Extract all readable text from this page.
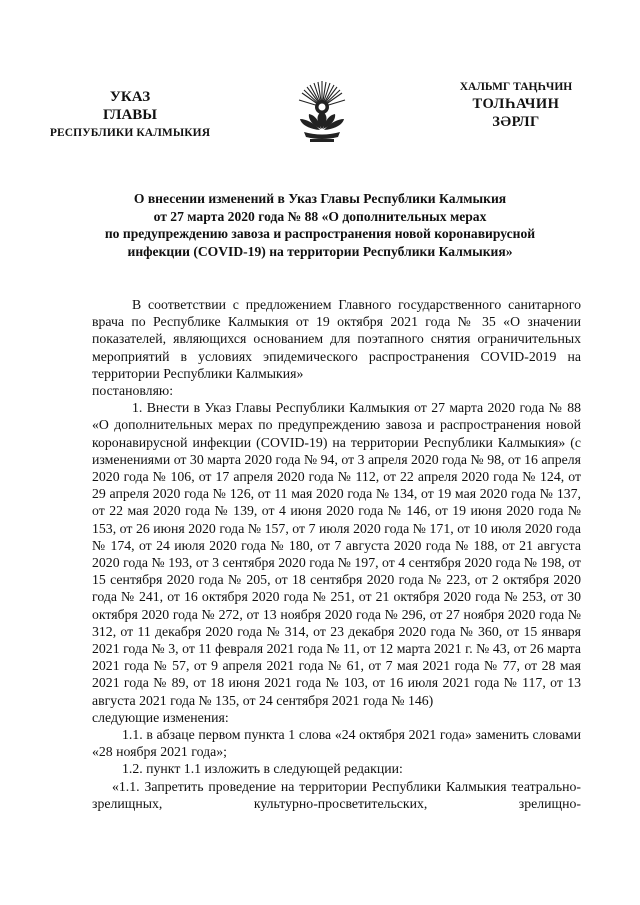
УКАЗ
ГЛАВЫ
РЕСПУБЛИКИ КАЛМЫКИЯ
ХАЛЬМГ ТАҢҺЧИН
ТОЛҺАЧИН
ЗӘРЛГ
О внесении изменений в Указ Главы Республики Калмыкия
от 27 марта 2020 года № 88 «О дополнительных мерах
по предупреждению завоза и распространения новой коронавирусной
инфекции (COVID-19) на территории Республики Калмыкия»

В соответствии с предложением Главного государственного санитарного врача по Республике Калмыкия от 19 октября 2021 года № 35 «О значении показателей, являющихся основанием для поэтапного снятия ограничительных мероприятий в условиях эпидемического распространения COVID-2019 на территории Республики Калмыкия»

постановляю:

1. Внести в Указ Главы Республики Калмыкия от 27 марта 2020 года № 88 «О дополнительных мерах по предупреждению завоза и распространения новой коронавирусной инфекции (COVID-19) на территории Республики Калмыкия» (с изменениями от 30 марта 2020 года № 94, от 3 апреля 2020 года № 98, от 16 апреля 2020 года № 106, от 17 апреля 2020 года № 112, от 22 апреля 2020 года № 124, от 29 апреля 2020 года № 126, от 11 мая 2020 года № 134, от 19 мая 2020 года № 137, от 22 мая 2020 года № 139, от 4 июня 2020 года № 146, от 19 июня 2020 года № 153, от 26 июня 2020 года № 157, от 7 июля 2020 года № 171, от 10 июля 2020 года № 174, от 24 июля 2020 года № 180, от 7 августа 2020 года № 188, от 21 августа 2020 года № 193, от 3 сентября 2020 года № 197, от 4 сентября 2020 года № 198, от 15 сентября 2020 года № 205, от 18 сентября 2020 года № 223, от 2 октября 2020 года № 241, от 16 октября 2020 года № 251, от 21 октября 2020 года № 253, от 30 октября 2020 года № 272, от 13 ноября 2020 года № 296, от 27 ноября 2020 года № 312, от 11 декабря 2020 года № 314, от 23 декабря 2020 года № 360, от 15 января 2021 года № 3, от 11 февраля 2021 года № 11, от 12 марта 2021 г. № 43, от 26 марта 2021 года № 57, от 9 апреля 2021 года № 61, от 7 мая 2021 года № 77, от 28 мая 2021 года № 89, от 18 июня 2021 года № 103, от 16 июля 2021 года № 117, от 13 августа 2021 года № 135, от 24 сентября 2021 года № 146)

следующие изменения:

1.1. в абзаце первом пункта 1 слова «24 октября 2021 года» заменить словами «28 ноября 2021 года»;

1.2. пункт 1.1 изложить в следующей редакции:

«1.1. Запретить проведение на территории Республики Калмыкия театрально-зрелищных, культурно-просветительских, зрелищно-
